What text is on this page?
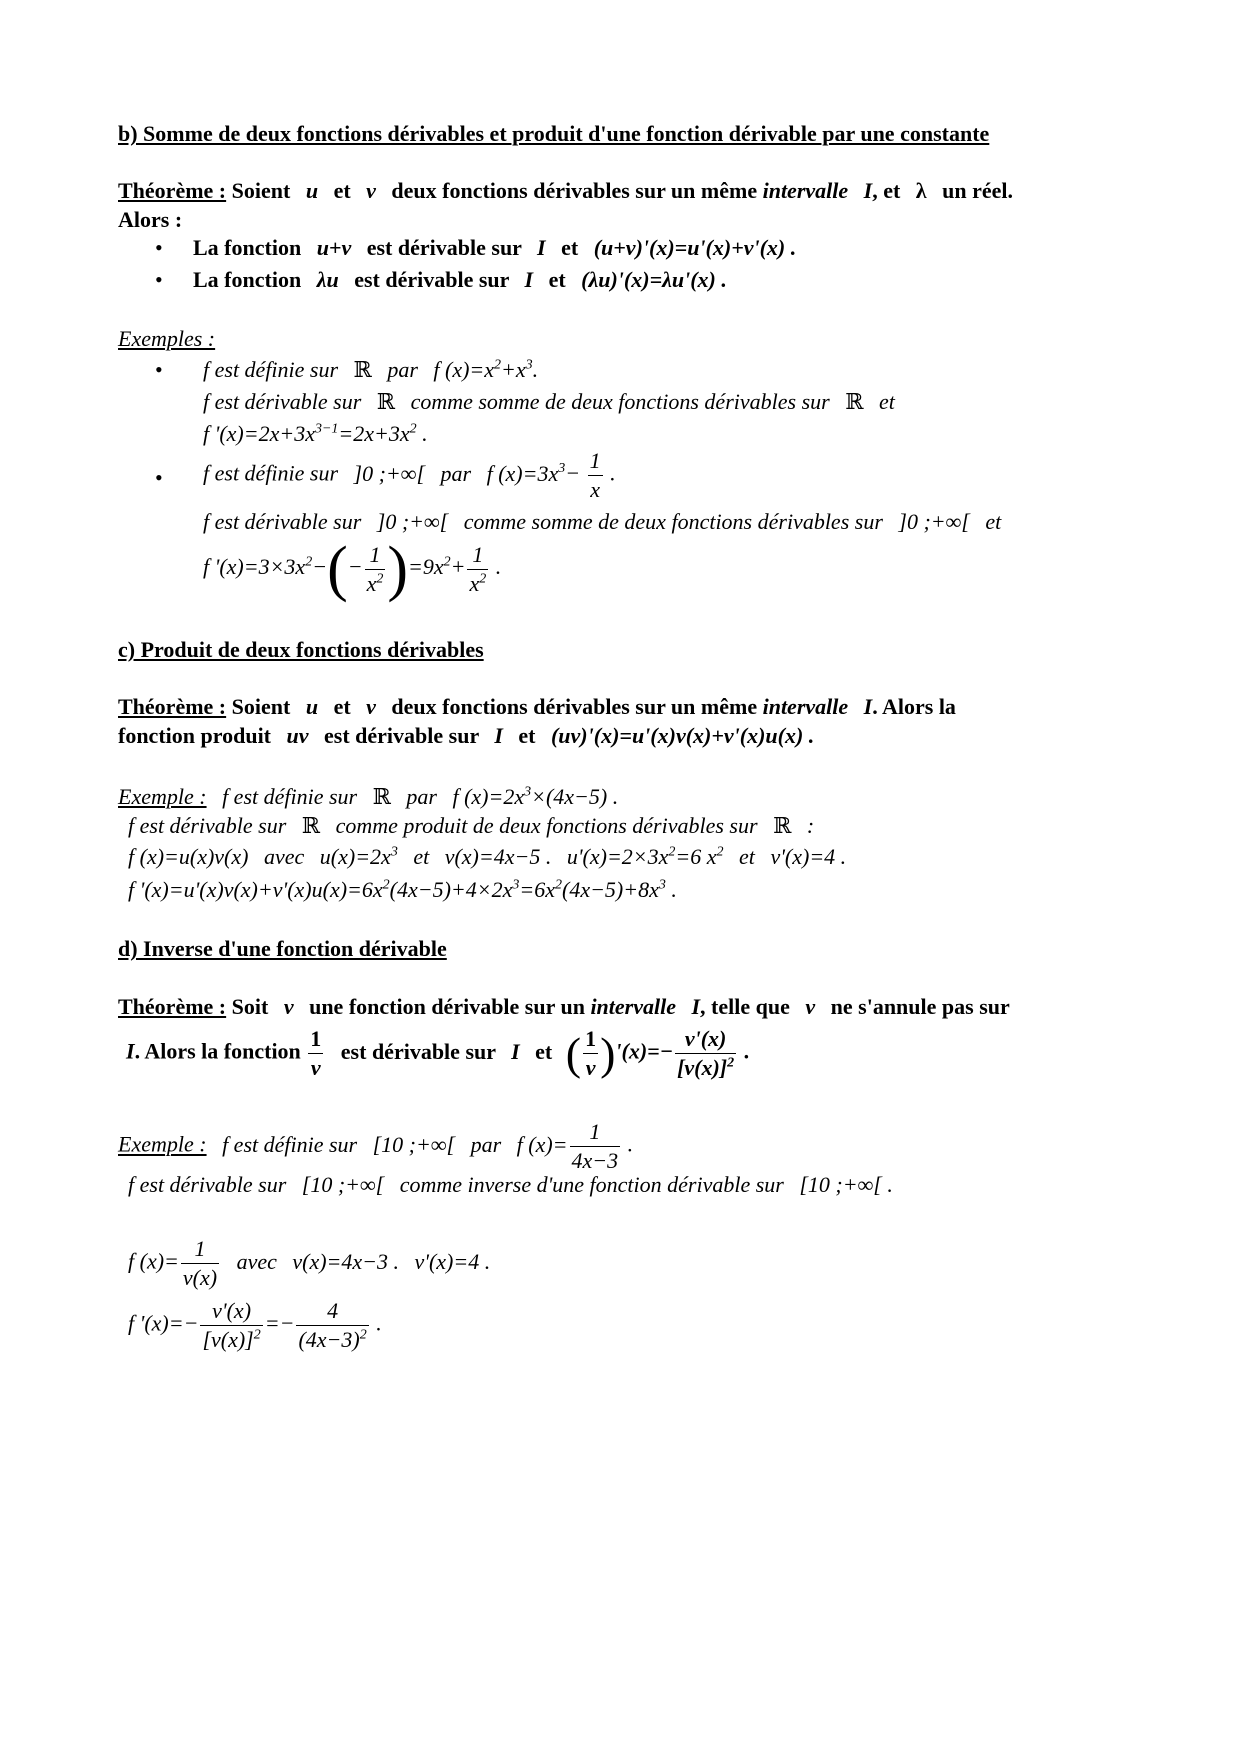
b) Somme de deux fonctions dérivables et produit d'une fonction dérivable par une constante
Théorème : Soient u et v deux fonctions dérivables sur un même intervalle I, et λ un réel.
Alors :
• La fonction u+v est dérivable sur I et (u+v)'(x)=u'(x)+v'(x) .
• La fonction λu est dérivable sur I et (λu)'(x)=λu'(x) .
Exemples :
• f est définie sur ℝ par f $(x)=x^2+x^3$.
f est dérivable sur ℝ comme somme de deux fonctions dérivables sur ℝ et
f '$(x)=2x+3x^{3-1}=2x+3x^2$ .
• f est définie sur ]0 ;+∞[ par f $(x)=3x^3- \frac{1}{x}$ .
f est dérivable sur ]0 ;+∞[ comme somme de deux fonctions dérivables sur ]0 ;+∞[ et
f '$(x)=3\times 3x^2-(- \frac{1}{x^2} )=9x^2+ \frac{1}{x^2}$ .
c) Produit de deux fonctions dérivables
Théorème : Soient u et v deux fonctions dérivables sur un même intervalle I. Alors la
fonction produit uv est dérivable sur I et (uv)'(x)=u'(x)v(x)+v'(x)u(x) .
Exemple : f est définie sur ℝ par f $(x)=2x^3\times(4x-5)$ .
f est dérivable sur ℝ comme produit de deux fonctions dérivables sur ℝ :
f (x)=u(x)v(x) avec $u(x)=2x^3$ et v(x)=4x−5 . $u'(x)=2\times 3x^2=6$ $x^2$ et v'(x)=4 .
f '$(x)=u'(x)v(x)+v'(x)u(x)=6x^2(4x-5)+4\times 2x^3=6x^2(4x-5)+8x^3$ .
d) Inverse d'une fonction dérivable
Théorème : Soit v une fonction dérivable sur un intervalle I, telle que v ne s'annule pas sur
I. Alors la fonction $\frac{1}{v}$ est dérivable sur I et ( $\frac{1}{v} )'(x)=- \frac{v'(x)}{[v(x)]^2}$ .
Exemple : f est définie sur [10 ;+∞[ par f $(x)= \frac{1}{4x-3}$ .
f est dérivable sur [10 ;+∞[ comme inverse d'une fonction dérivable sur [10 ;+∞[ .
f $(x)= \frac{1}{v(x)}$ avec v(x)=4x−3 . v'(x)=4 .
f '$(x)=- \frac{v'(x)}{[v(x)]^2} =- \frac{4}{(4x-3)^2}$ .
